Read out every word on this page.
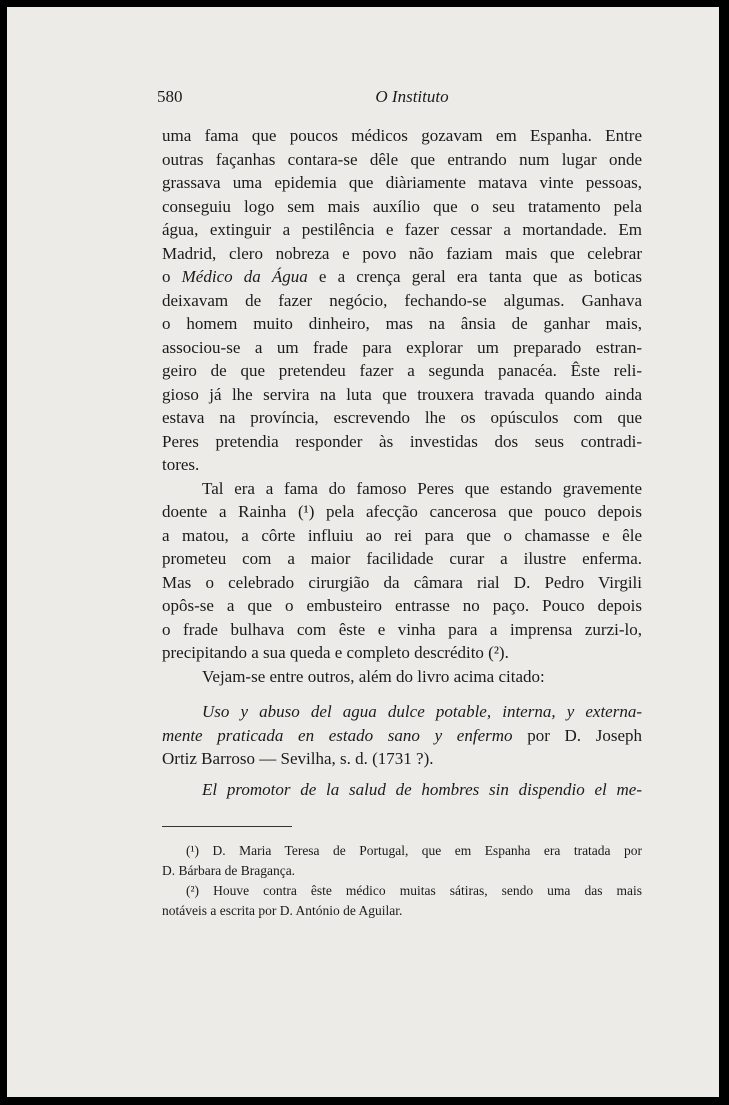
580	O Instituto
uma fama que poucos médicos gozavam em Espanha. Entre
outras façanhas contara-se dêle que entrando num lugar onde
grassava uma epidemia que diàriamente matava vinte pessoas,
conseguiu logo sem mais auxílio que o seu tratamento pela
água, extinguir a pestilência e fazer cessar a mortandade. Em
Madrid, clero nobreza e povo não faziam mais que celebrar
o Médico da Água e a crença geral era tanta que as boticas
deixavam de fazer negócio, fechando-se algumas. Ganhava
o homem muito dinheiro, mas na ânsia de ganhar mais,
associou-se a um frade para explorar um preparado estran-
geiro de que pretendeu fazer a segunda panacéa. Êste reli-
gioso já lhe servira na luta que trouxera travada quando ainda
estava na província, escrevendo lhe os opúsculos com que
Peres pretendia responder às investidas dos seus contradi-
tores.
Tal era a fama do famoso Peres que estando gravemente
doente a Rainha (¹) pela afecção cancerosa que pouco depois
a matou, a côrte influiu ao rei para que o chamasse e êle
prometeu com a maior facilidade curar a ilustre enferma.
Mas o celebrado cirurgião da câmara rial D. Pedro Virgili
opôs-se a que o embusteiro entrasse no paço. Pouco depois
o frade bulhava com êste e vinha para a imprensa zurzi-lo,
precipitando a sua queda e completo descrédito (²).
Vejam-se entre outros, além do livro acima citado:
Uso y abuso del agua dulce potable, interna, y externa-
mente praticada en estado sano y enfermo por D. Joseph
Ortiz Barroso — Sevilha, s. d. (1731 ?).
El promotor de la salud de hombres sin dispendio el me-
(¹) D. Maria Teresa de Portugal, que em Espanha era tratada por
D. Bárbara de Bragança.
(²) Houve contra êste médico muitas sátiras, sendo uma das mais
notáveis a escrita por D. António de Aguilar.
